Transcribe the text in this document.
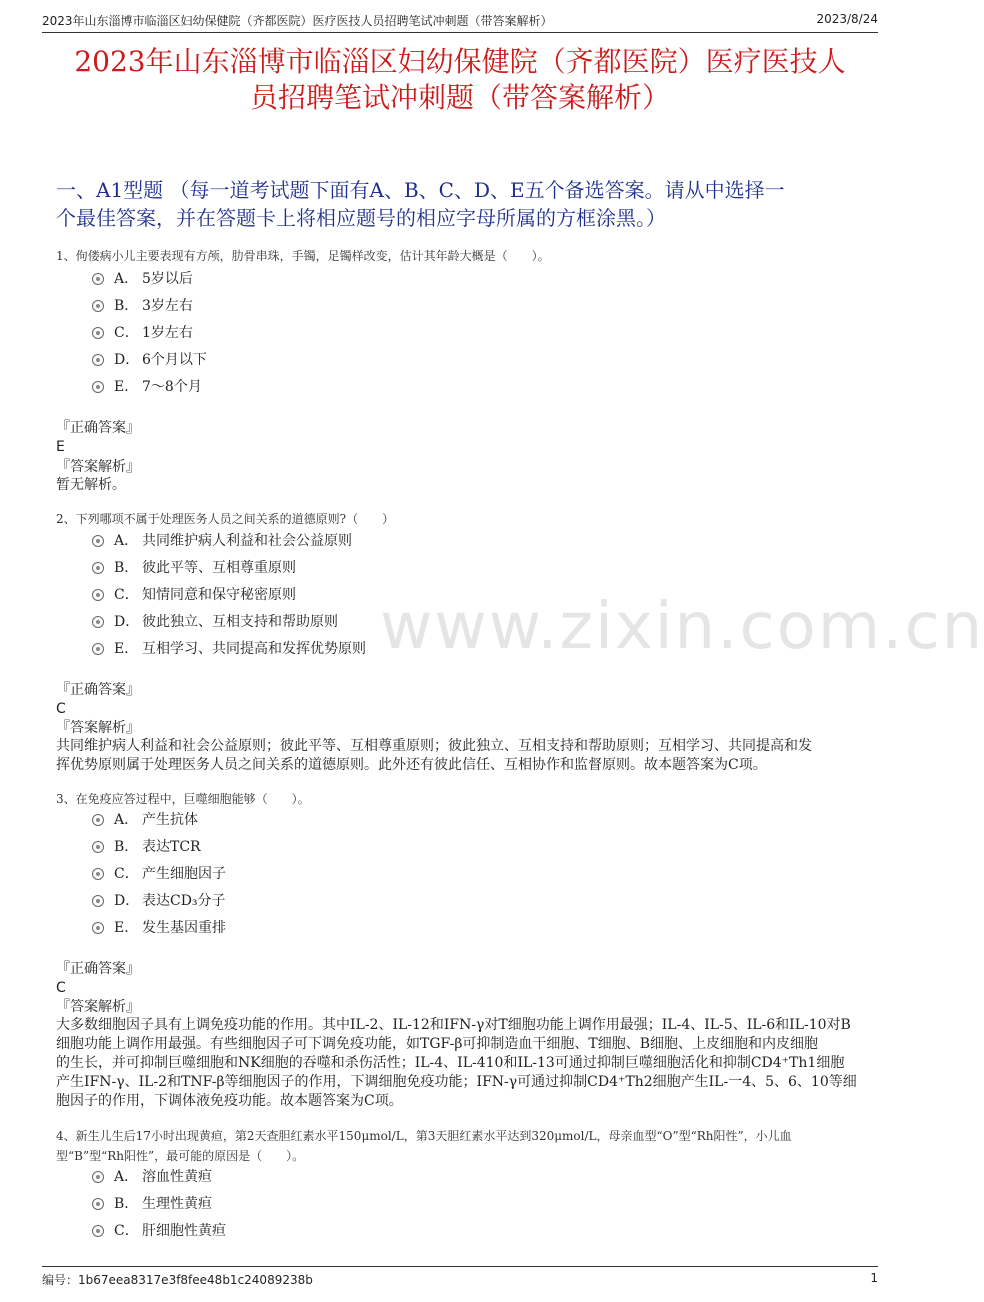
2023年山东淄博市临淄区妇幼保健院（齐都医院）医疗医技人员招聘笔试冲刺题（带答案解析）	2023/8/24
2023年山东淄博市临淄区妇幼保健院（齐都医院）医疗医技人
员招聘笔试冲刺题（带答案解析）
一、A1型题 （每一道考试题下面有A、B、C、D、E五个备选答案。请从中选择一
个最佳答案，并在答题卡上将相应题号的相应字母所属的方框涂黑。）
www.zixin.com.cn
1、佝偻病小儿主要表现有方颅，肋骨串珠，手镯，足镯样改变，估计其年龄大概是（　　）。
A． 5岁以后
B． 3岁左右
C． 1岁左右
D． 6个月以下
E． 7～8个月
『正确答案』
E
『答案解析』
暂无解析。
2、下列哪项不属于处理医务人员之间关系的道德原则?（　　）
A． 共同维护病人利益和社会公益原则
B． 彼此平等、互相尊重原则
C． 知情同意和保守秘密原则
D． 彼此独立、互相支持和帮助原则
E． 互相学习、共同提高和发挥优势原则
『正确答案』
C
『答案解析』
共同维护病人利益和社会公益原则；彼此平等、互相尊重原则；彼此独立、互相支持和帮助原则；互相学习、共同提高和发
挥优势原则属于处理医务人员之间关系的道德原则。此外还有彼此信任、互相协作和监督原则。故本题答案为C项。
3、在免疫应答过程中，巨噬细胞能够（　　）。
A． 产生抗体
B． 表达TCR
C． 产生细胞因子
D． 表达CD₃分子
E． 发生基因重排
『正确答案』
C
『答案解析』
大多数细胞因子具有上调免疫功能的作用。其中IL-2、IL-12和IFN-γ对T细胞功能上调作用最强；IL-4、IL-5、IL-6和IL-10对B
细胞功能上调作用最强。有些细胞因子可下调免疫功能，如TGF-β可抑制造血干细胞、T细胞、B细胞、上皮细胞和内皮细胞
的生长，并可抑制巨噬细胞和NK细胞的吞噬和杀伤活性；IL-4、IL-410和IL-13可通过抑制巨噬细胞活化和抑制CD4⁺Th1细胞
产生IFN-γ、IL-2和TNF-β等细胞因子的作用，下调细胞免疫功能；IFN-γ可通过抑制CD4⁺Th2细胞产生IL-一4、5、6、10等细
胞因子的作用，下调体液免疫功能。故本题答案为C项。
4、新生儿生后17小时出现黄疸，第2天查胆红素水平150μmol/L，第3天胆红素水平达到320μmol/L，母亲血型“O”型“Rh阳性”，小儿血
型“B”型“Rh阳性”，最可能的原因是（　　）。
A． 溶血性黄疸
B． 生理性黄疸
C． 肝细胞性黄疸
编号：1b67eea8317e3f8fee48b1c24089238b	1
